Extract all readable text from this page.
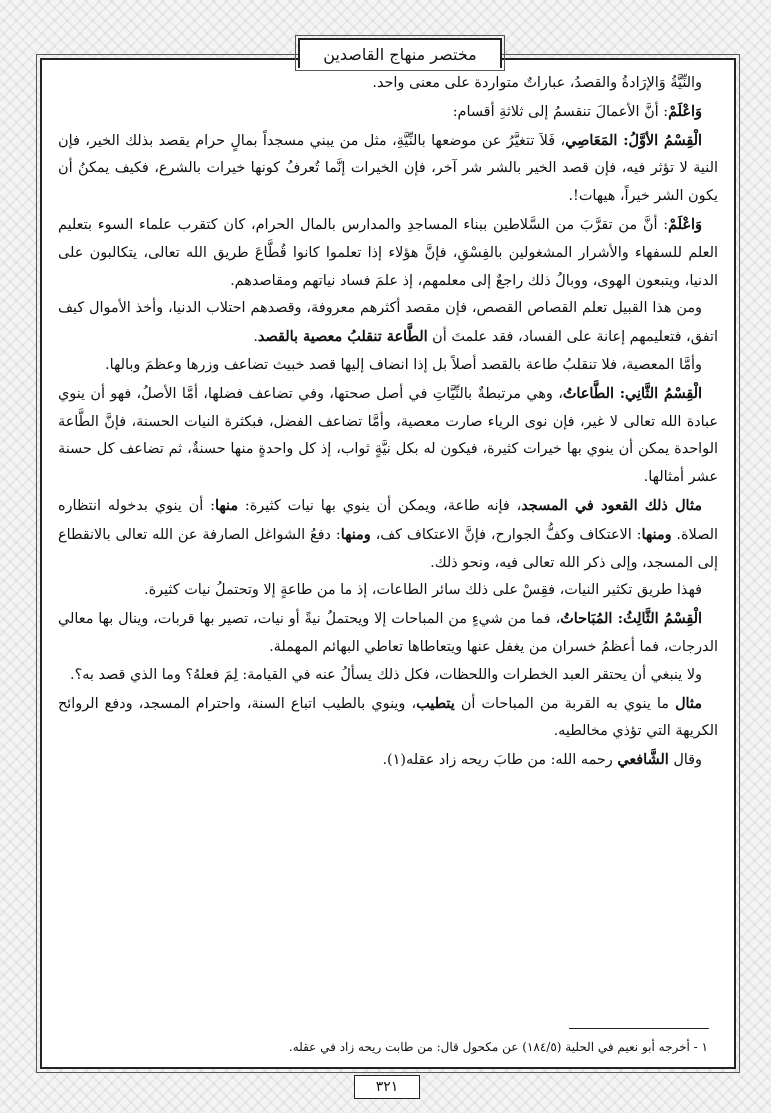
مختصر منهاج القاصدين

والنِّيَّةُ وَالإرَادةُ والقصدُ، عباراتٌ متواردة على معنى واحد.

وَاعْلَمْ: أنَّ الأعمالَ تنقسمُ إلى ثلاثةِ أقسام:

الْقِسْمُ الأوَّلُ: المَعَاصِي، فَلاَ تتغيَّرُ عن موضعها بالنِّيَّةِ، مثل من يبني مسجداً بمالٍ حرام يقصد بذلك الخير، فإن النية لا تؤثر فيه، فإن قصد الخير بالشر شر آخر، فإن الخيرات إنَّما تُعرفُ كونها خيرات بالشرع، فكيف يمكنُ أن يكون الشر خيراً، هيهات!.

وَاعْلَمْ: أنَّ من تقرَّبَ من السَّلاطين ببناء المساجدِ والمدارس بالمال الحرام، كان كتقرب علماء السوء بتعليم العلم للسفهاء والأشرار المشغولين بالفِسْقِ، فإنَّ هؤلاء إذا تعلموا كانوا قُطَّاعَ طريق الله تعالى، يتكالبون على الدنيا، ويتبعون الهوى، ووبالُ ذلك راجعٌ إلى معلمهم، إذ علمَ فساد نياتهم ومقاصدهم.

ومن هذا القبيل تعلم القصاص القصص، فإن مقصد أكثرهم معروفة، وقصدهم احتلاب الدنيا، وأخذ الأموال كيف اتفق، فتعليمهم إعانة على الفساد، فقد علمتَ أن الطَّاعة تنقلبُ معصية بالقصد.

وأمَّا المعصية، فلا تنقلبُ طاعة بالقصد أصلاً بل إذا انضاف إليها قصد خبيث تضاعف وزرها وعظمَ وبالها.

الْقِسْمُ الثَّانِي: الطَّاعاتُ، وهي مرتبطةٌ بالنِّيَّاتِ في أصل صحتها، وفي تضاعف فضلها، أمَّا الأصلُ، فهو أن ينوي عبادة الله تعالى لا غير، فإن نوى الرياء صارت معصية، وأمَّا تضاعف الفضل، فبكثرة النيات الحسنة، فإنَّ الطَّاعة الواحدة يمكن أن ينوي بها خيرات كثيرة، فيكون له بكل نيَّةٍ ثواب، إذ كل واحدةٍ منها حسنةٌ، ثم تضاعف كل حسنة عشر أمثالها.

مثال ذلك القعود في المسجد، فإنه طاعة، ويمكن أن ينوي بها نيات كثيرة: منها: أن ينوي بدخوله انتظاره الصلاة. ومنها: الاعتكاف وكفُّ الجوارح، فإنَّ الاعتكاف كف، ومنها: دفعُ الشواغل الصارفة عن الله تعالى بالانقطاع إلى المسجد، وإلى ذكر الله تعالى فيه، ونحو ذلك.

فهذا طريق تكثير النيات، فقِسْ على ذلك سائر الطاعات، إذ ما من طاعةٍ إلا وتحتملُ نيات كثيرة.

الْقِسْمُ الثَّالِثُ: المُبَاحاتُ، فما من شيءٍ من المباحات إلا ويحتملُ نيةً أو نيات، تصير بها قربات، وينال بها معالي الدرجات، فما أعظمُ خسران من يغفل عنها ويتعاطاها تعاطي البهائم المهملة.

ولا ينبغي أن يحتقر العبد الخطرات واللحظات، فكل ذلك يسألُ عنه في القيامة: لِمَ فعلهُ؟ وما الذي قصد به؟.

مثال ما ينوي به القربة من المباحات أن يتطيب، وينوي بالطيب اتباع السنة، واحترام المسجد، ودفع الروائح الكريهة التي تؤذي مخالطيه.

وقال الشَّافعي رحمه الله: من طابَ ريحه زاد عقله(١).

١ - أخرجه أبو نعيم في الحلية (١٨٤/٥) عن مكحول قال: من طابت ريحه زاد في عقله.
٣٢١
